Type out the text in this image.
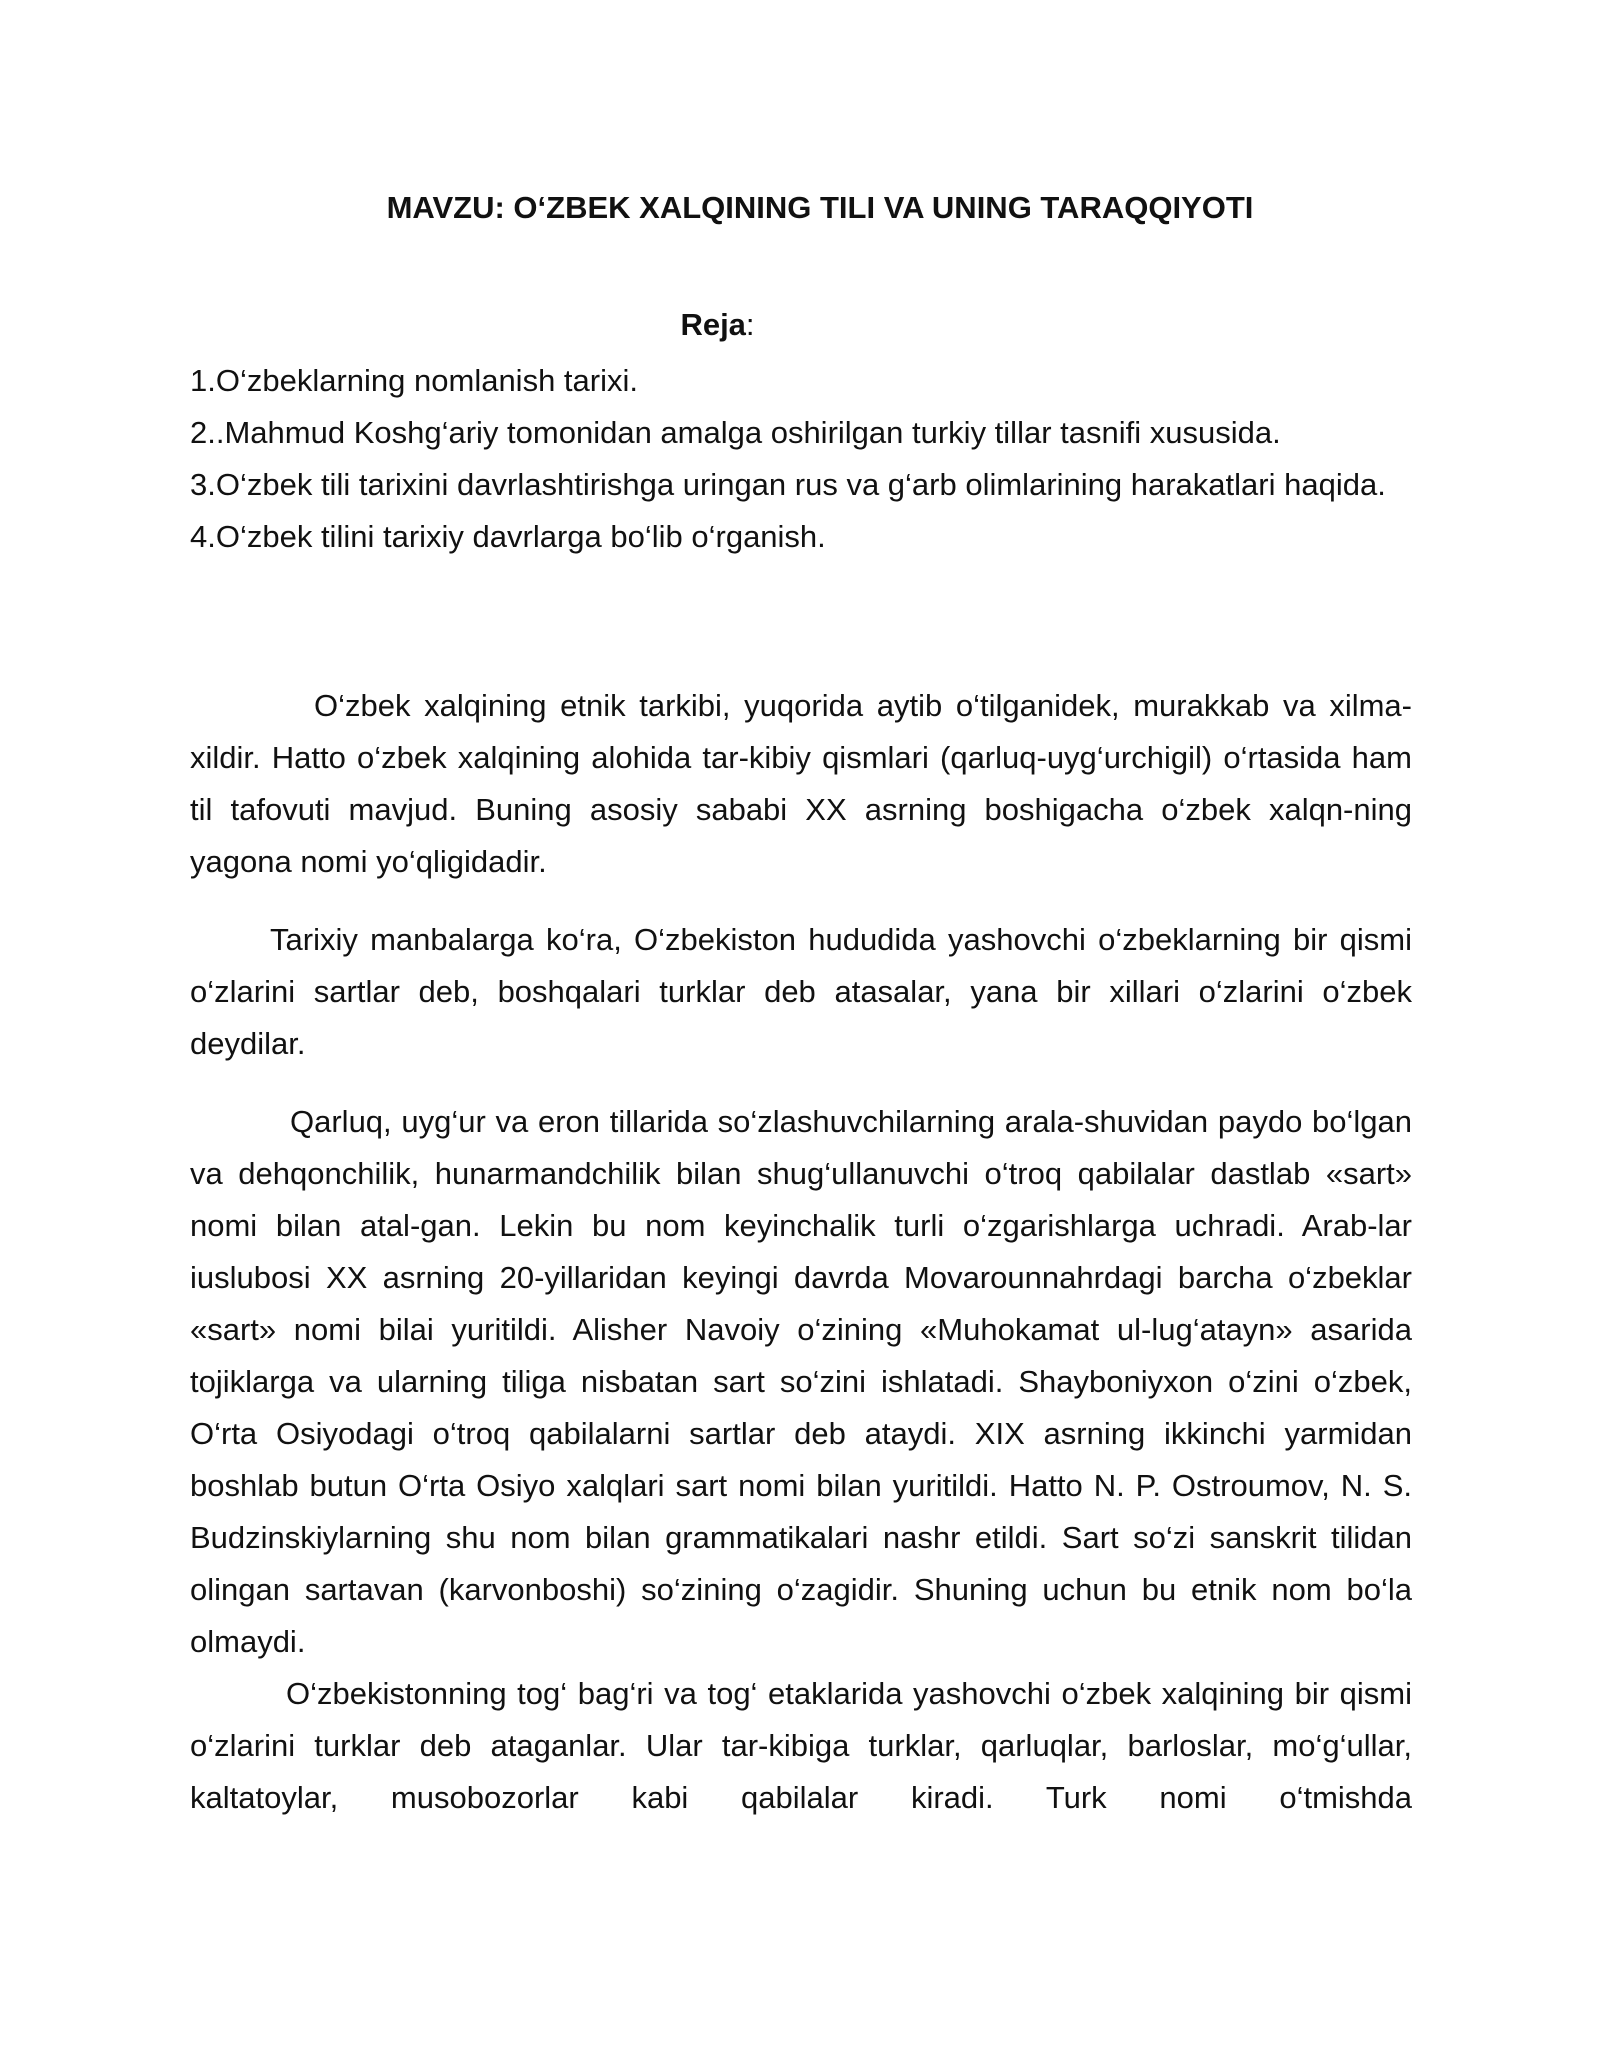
MAVZU: O‘ZBEK XALQINING TILI VA UNING TARAQQIYOTI
Reja:
1.O‘zbeklarning nomlanish tarixi.
2..Mahmud Koshg‘ariy tomonidan amalga oshirilgan turkiy tillar tasnifi xususida.
3.O‘zbek tili tarixini davrlashtirishga uringan rus va g‘arb olimlarining harakatlari haqida.
4.O‘zbek tilini tarixiy davrlarga bo‘lib o‘rganish.

O‘zbek xalqining etnik tarkibi, yuqorida aytib o‘tilganidek, murakkab va xilma-xildir. Hatto o‘zbek xalqining alohida tar-kibiy qismlari (qarluq-uyg‘urchigil) o‘rtasida ham til tafovuti mavjud. Buning asosiy sababi XX asrning boshigacha o‘zbek xalqn-ning yagona nomi yo‘qligidadir.

Tarixiy manbalarga ko‘ra, O‘zbekiston hududida yashovchi o‘zbeklarning bir qismi o‘zlarini sartlar deb, boshqalari turklar deb atasalar, yana bir xillari o‘zlarini o‘zbek deydilar.

Qarluq, uyg‘ur va eron tillarida so‘zlashuvchilarning arala-shuvidan paydo bo‘lgan va dehqonchilik, hunarmandchilik bilan shug‘ullanuvchi o‘troq qabilalar dastlab «sart» nomi bilan atal-gan. Lekin bu nom keyinchalik turli o‘zgarishlarga uchradi. Arab-lar iuslubosi XX asrning 20-yillaridan keyingi davrda Movarounnahrdagi barcha o‘zbeklar «sart» nomi bilai yuritildi. Alisher Navoiy o‘zining «Muhokamat ul-lug‘atayn» asarida tojiklarga va ularning tiliga nisbatan sart so‘zini ishlatadi. Shayboniyxon o‘zini o‘zbek, O‘rta Osiyodagi o‘troq qabilalarni sartlar deb ataydi. XIX asrning ikkinchi yarmidan boshlab butun O‘rta Osiyo xalqlari sart nomi bilan yuritildi. Hatto N. P. Ostroumov, N. S. Budzinskiylarning shu nom bilan grammatikalari nashr etildi. Sart so‘zi sanskrit tilidan olingan sartavan (karvonboshi) so‘zining o‘zagidir. Shuning uchun bu etnik nom bo‘la olmaydi.

O‘zbekistonning tog‘ bag‘ri va tog‘ etaklarida yashovchi o‘zbek xalqining bir qismi o‘zlarini turklar deb ataganlar. Ular tar-kibiga turklar, qarluqlar, barloslar, mo‘g‘ullar, kaltatoylar, musobozorlar kabi qabilalar kiradi. Turk nomi o‘tmishda
